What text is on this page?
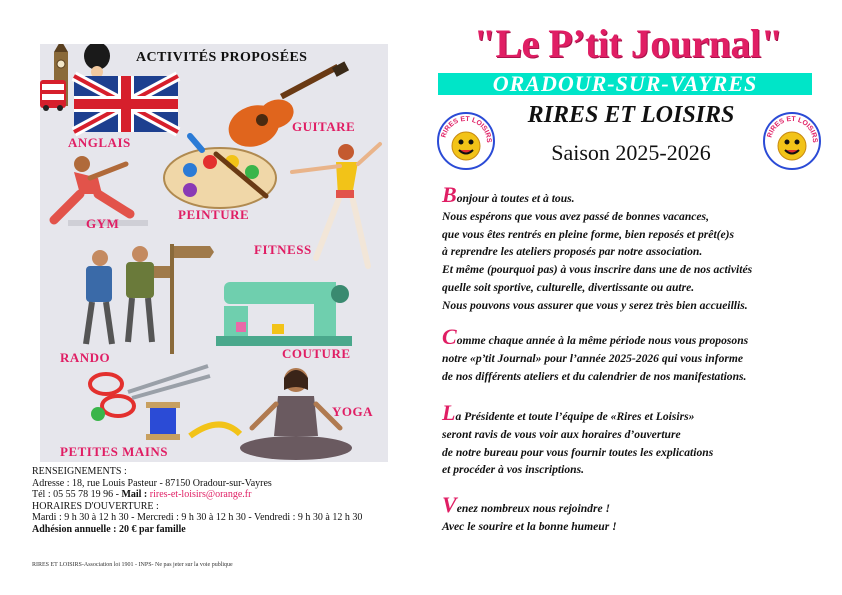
ACTIVITÉS PROPOSÉES
ANGLAIS
GUITARE
GYM
PEINTURE
FITNESS
RANDO	COUTURE
YOGA
PETITES MAINS
RENSEIGNEMENTS :
Adresse : 18, rue Louis Pasteur - 87150 Oradour-sur-Vayres
Tél : 05 55 78 19 96 - Mail : rires-et-loisirs@orange.fr
HORAIRES D'OUVERTURE :
Mardi : 9 h 30 à 12 h 30 - Mercredi : 9 h 30 à 12 h 30 - Vendredi : 9 h 30 à 12 h 30
Adhésion annuelle : 20 € par famille
RIRES ET LOISIRS-Association loi 1901 - INPS- Ne pas jeter sur la voie publique
"Le P’tit Journal"
ORADOUR-SUR-VAYRES
RIRES ET LOISIRS
Saison 2025-2026
RIRES ET LOISIRS
RIRES ET LOISIRS
Bonjour à toutes et à tous.
Nous espérons que vous avez passé de bonnes vacances,
que vous êtes rentrés en pleine forme, bien reposés et prêt(e)s
à reprendre les ateliers proposés par notre association.
Et même (pourquoi pas) à vous inscrire dans une de nos activités
quelle soit sportive, culturelle, divertissante ou autre.
Nous pouvons vous assurer que vous y serez très bien accueillis.
Comme chaque année à la même période nous vous proposons
notre «p’tit Journal» pour l’année 2025-2026 qui vous informe
de nos différents ateliers et du calendrier de nos manifestations.
La Présidente et toute l’équipe de «Rires et Loisirs»
seront ravis de vous voir aux horaires d’ouverture
de notre bureau pour vous fournir toutes les explications
et procéder à vos inscriptions.
Venez nombreux nous rejoindre !
Avec le sourire et la bonne humeur !
